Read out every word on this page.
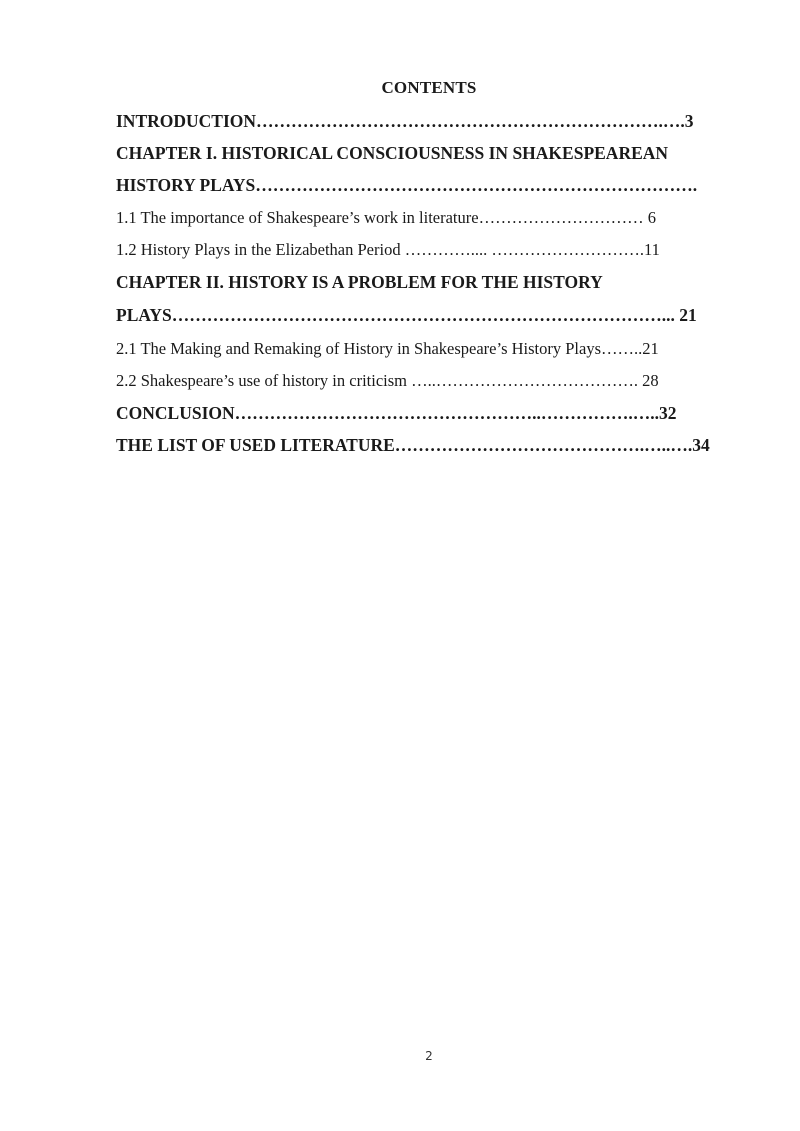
CONTENTS
INTRODUCTION…………………………………………………………….….3
CHAPTER I. HISTORICAL CONSCIOUSNESS IN SHAKESPEAREAN
HISTORY PLAYS………………………………………………………………….
1.1 The importance of Shakespeare’s work in literature………………………… 6
1.2 History Plays in the Elizabethan Period ………….... ……………………….11
CHAPTER II. HISTORY IS A PROBLEM FOR THE HISTORY
PLAYS…………………………………………………………………………... 21
2.1 The Making and Remaking of History in Shakespeare’s History Plays……..21
2.2 Shakespeare’s use of history in criticism …..………………………………. 28
CONCLUSION……………………………………………..…………….…..32
THE LIST OF USED LITERATURE…………………………………….…..….34
2
